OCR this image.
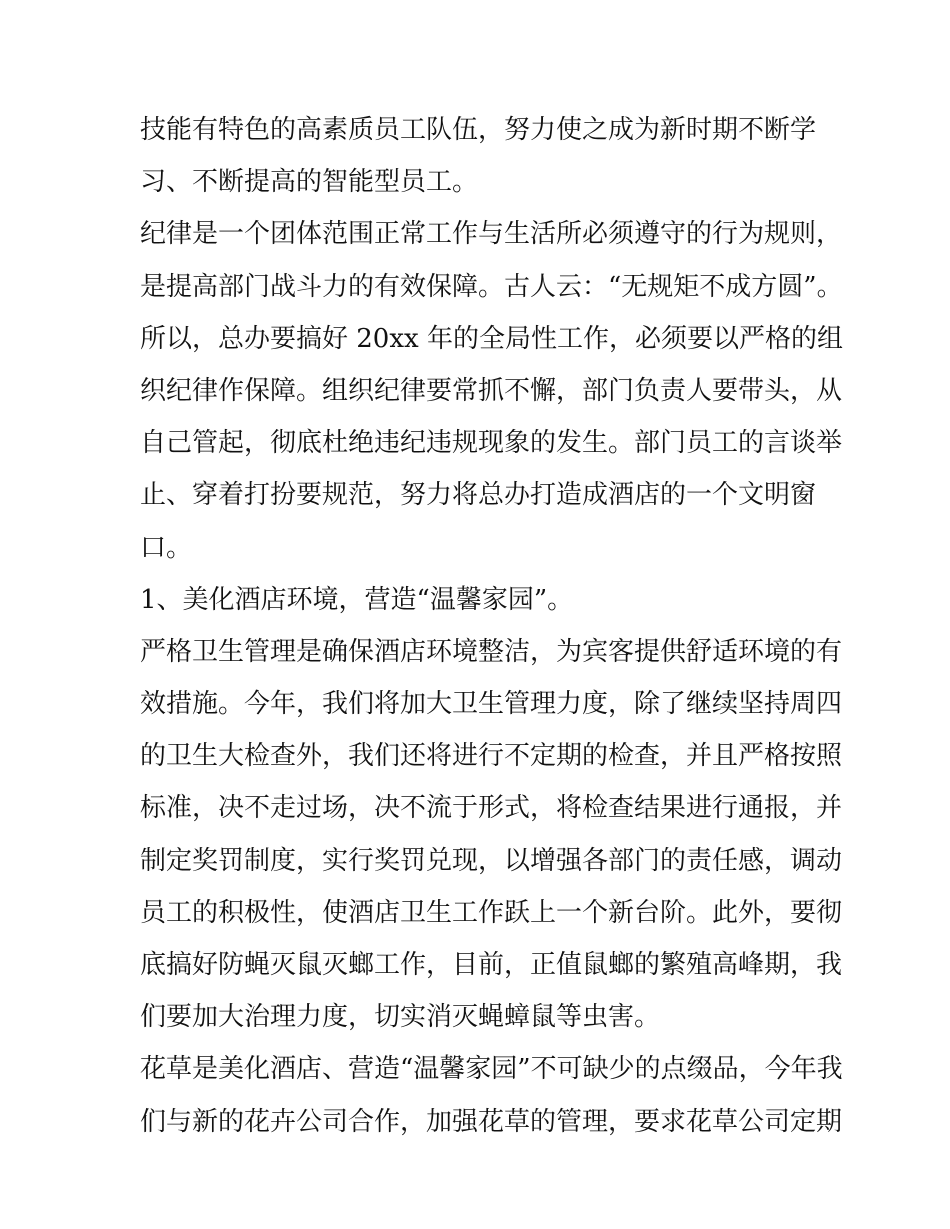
技能有特色的高素质员工队伍，努力使之成为新时期不断学
习、不断提高的智能型员工。
纪律是一个团体范围正常工作与生活所必须遵守的行为规则，
是提高部门战斗力的有效保障。古人云：“无规矩不成方圆”。
所以，总办要搞好 20xx 年的全局性工作，必须要以严格的组
织纪律作保障。组织纪律要常抓不懈，部门负责人要带头，从
自己管起，彻底杜绝违纪违规现象的发生。部门员工的言谈举
止、穿着打扮要规范，努力将总办打造成酒店的一个文明窗
口。
1、美化酒店环境，营造“温馨家园”。
严格卫生管理是确保酒店环境整洁，为宾客提供舒适环境的有
效措施。今年，我们将加大卫生管理力度，除了继续坚持周四
的卫生大检查外，我们还将进行不定期的检查，并且严格按照
标准，决不走过场，决不流于形式，将检查结果进行通报，并
制定奖罚制度，实行奖罚兑现，以增强各部门的责任感，调动
员工的积极性，使酒店卫生工作跃上一个新台阶。此外，要彻
底搞好防蝇灭鼠灭螂工作，目前，正值鼠螂的繁殖高峰期，我
们要加大治理力度，切实消灭蝇蟑鼠等虫害。
花草是美化酒店、营造“温馨家园”不可缺少的点缀品，今年我
们与新的花卉公司合作，加强花草的管理，要求花草公司定期
